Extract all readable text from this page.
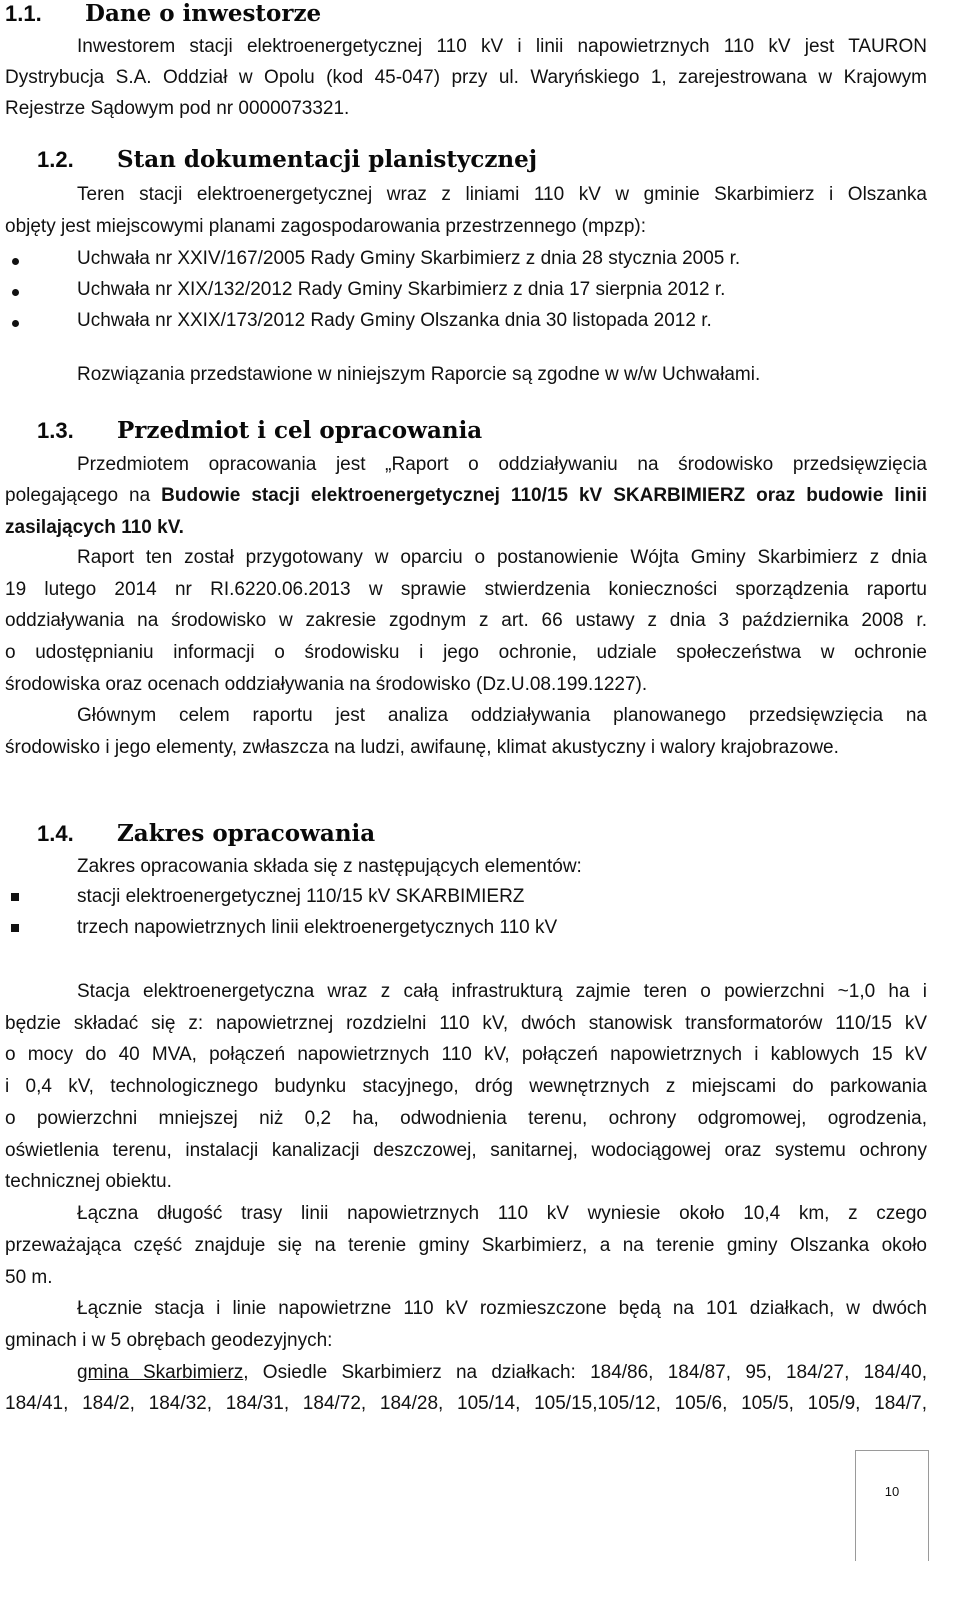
1.1. Dane o inwestorze
Inwestorem stacji elektroenergetycznej 110 kV i linii napowietrznych 110 kV jest TAURON
Dystrybucja S.A. Oddział w Opolu (kod 45-047) przy ul. Waryńskiego 1, zarejestrowana w Krajowym
Rejestrze Sądowym pod nr 0000073321.
1.2. Stan dokumentacji planistycznej
Teren stacji elektroenergetycznej wraz z liniami 110 kV w gminie Skarbimierz i Olszanka
objęty jest miejscowymi planami zagospodarowania przestrzennego (mpzp):
Uchwała nr XXIV/167/2005 Rady Gminy Skarbimierz z dnia 28 stycznia 2005 r.
Uchwała nr XIX/132/2012 Rady Gminy Skarbimierz z dnia 17 sierpnia 2012 r.
Uchwała nr XXIX/173/2012 Rady Gminy Olszanka dnia 30 listopada 2012 r.
Rozwiązania przedstawione w niniejszym Raporcie są zgodne w w/w Uchwałami.
1.3. Przedmiot i cel opracowania
Przedmiotem opracowania jest „Raport o oddziaływaniu na środowisko przedsięwzięcia
polegającego na Budowie stacji elektroenergetycznej 110/15 kV SKARBIMIERZ oraz budowie linii
zasilających 110 kV.
Raport ten został przygotowany w oparciu o postanowienie Wójta Gminy Skarbimierz z dnia
19 lutego 2014 nr RI.6220.06.2013 w sprawie stwierdzenia konieczności sporządzenia raportu
oddziaływania na środowisko w zakresie zgodnym z art. 66 ustawy z dnia 3 października 2008 r.
o udostępnianiu informacji o środowisku i jego ochronie, udziale społeczeństwa w ochronie
środowiska oraz ocenach oddziaływania na środowisko (Dz.U.08.199.1227).
Głównym celem raportu jest analiza oddziaływania planowanego przedsięwzięcia na
środowisko i jego elementy, zwłaszcza na ludzi, awifaunę, klimat akustyczny i walory krajobrazowe.
1.4. Zakres opracowania
Zakres opracowania składa się z następujących elementów:
stacji elektroenergetycznej 110/15 kV SKARBIMIERZ
trzech napowietrznych linii elektroenergetycznych 110 kV
Stacja elektroenergetyczna wraz z całą infrastrukturą zajmie teren o powierzchni ~1,0 ha i
będzie składać się z: napowietrznej rozdzielni 110 kV, dwóch stanowisk transformatorów 110/15 kV
o mocy do 40 MVA, połączeń napowietrznych 110 kV, połączeń napowietrznych i kablowych 15 kV
i 0,4 kV, technologicznego budynku stacyjnego, dróg wewnętrznych z miejscami do parkowania
o powierzchni mniejszej niż 0,2 ha, odwodnienia terenu, ochrony odgromowej, ogrodzenia,
oświetlenia terenu, instalacji kanalizacji deszczowej, sanitarnej, wodociągowej oraz systemu ochrony
technicznej obiektu.
Łączna długość trasy linii napowietrznych 110 kV wyniesie około 10,4 km, z czego
przeważająca część znajduje się na terenie gminy Skarbimierz, a na terenie gminy Olszanka około
50 m.
Łącznie stacja i linie napowietrzne 110 kV rozmieszczone będą na 101 działkach, w dwóch
gminach i w 5 obrębach geodezyjnych:
gmina Skarbimierz, Osiedle Skarbimierz na działkach: 184/86, 184/87, 95, 184/27, 184/40,
184/41, 184/2, 184/32, 184/31, 184/72, 184/28, 105/14, 105/15,105/12, 105/6, 105/5, 105/9, 184/7,
10
